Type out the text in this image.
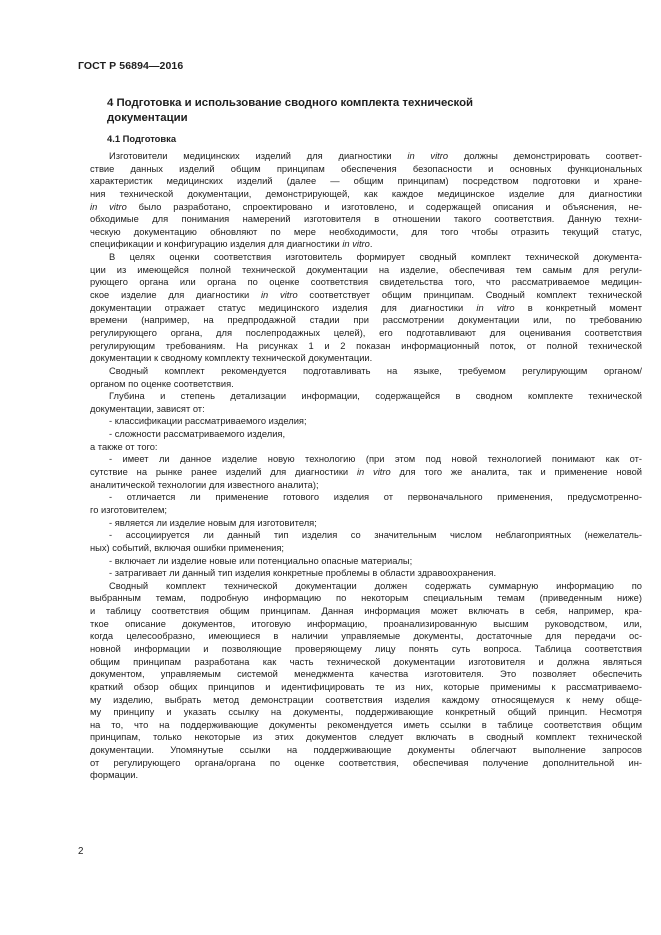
ГОСТ Р 56894—2016
4 Подготовка и использование сводного комплекта технической
документации
4.1 Подготовка
Изготовители медицинских изделий для диагностики in vitro должны демонстрировать соответ-
ствие данных изделий общим принципам обеспечения безопасности и основных функциональных
характеристик медицинских изделий (далее — общим принципам) посредством подготовки и хране-
ния технической документации, демонстрирующей, как каждое медицинское изделие для диагностики
in vitro было разработано, спроектировано и изготовлено, и содержащей описания и объяснения, не-
обходимые для понимания намерений изготовителя в отношении такого соответствия. Данную техни-
ческую документацию обновляют по мере необходимости, для того чтобы отразить текущий статус,
спецификации и конфигурацию изделия для диагностики in vitro.
В целях оценки соответствия изготовитель формирует сводный комплект технической документа-
ции из имеющейся полной технической документации на изделие, обеспечивая тем самым для регули-
рующего органа или органа по оценке соответствия свидетельства того, что рассматриваемое медицин-
ское изделие для диагностики in vitro соответствует общим принципам. Сводный комплект технической
документации отражает статус медицинского изделия для диагностики in vitro в конкретный момент
времени (например, на предпродажной стадии при рассмотрении документации или, по требованию
регулирующего органа, для послепродажных целей), его подготавливают для оценивания соответствия
регулирующим требованиям. На рисунках 1 и 2 показан информационный поток, от полной технической
документации к сводному комплекту технической документации.
Сводный комплект рекомендуется подготавливать на языке, требуемом регулирующим органом/
органом по оценке соответствия.
Глубина и степень детализации информации, содержащейся в сводном комплекте технической
документации, зависят от:
- классификации рассматриваемого изделия;
- сложности рассматриваемого изделия,
а также от того:
- имеет ли данное изделие новую технологию (при этом под новой технологией понимают как от-
сутствие на рынке ранее изделий для диагностики in vitro для того же аналита, так и применение новой
аналитической технологии для известного аналита);
- отличается ли применение готового изделия от первоначального применения, предусмотренно-
го изготовителем;
- является ли изделие новым для изготовителя;
- ассоциируется ли данный тип изделия со значительным числом неблагоприятных (нежелатель-
ных) событий, включая ошибки применения;
- включает ли изделие новые или потенциально опасные материалы;
- затрагивает ли данный тип изделия конкретные проблемы в области здравоохранения.
Сводный комплект технической документации должен содержать суммарную информацию по
выбранным темам, подробную информацию по некоторым специальным темам (приведенным ниже)
и таблицу соответствия общим принципам. Данная информация может включать в себя, например, кра-
ткое описание документов, итоговую информацию, проанализированную высшим руководством, или,
когда целесообразно, имеющиеся в наличии управляемые документы, достаточные для передачи ос-
новной информации и позволяющие проверяющему лицу понять суть вопроса. Таблица соответствия
общим принципам разработана как часть технической документации изготовителя и должна являться
документом, управляемым системой менеджмента качества изготовителя. Это позволяет обеспечить
краткий обзор общих принципов и идентифицировать те из них, которые применимы к рассматриваемо-
му изделию, выбрать метод демонстрации соответствия изделия каждому относящемуся к нему обще-
му принципу и указать ссылку на документы, поддерживающие конкретный общий принцип. Несмотря
на то, что на поддерживающие документы рекомендуется иметь ссылки в таблице соответствия общим
принципам, только некоторые из этих документов следует включать в сводный комплект технической
документации. Упомянутые ссылки на поддерживающие документы облегчают выполнение запросов
от регулирующего органа/органа по оценке соответствия, обеспечивая получение дополнительной ин-
формации.
2
